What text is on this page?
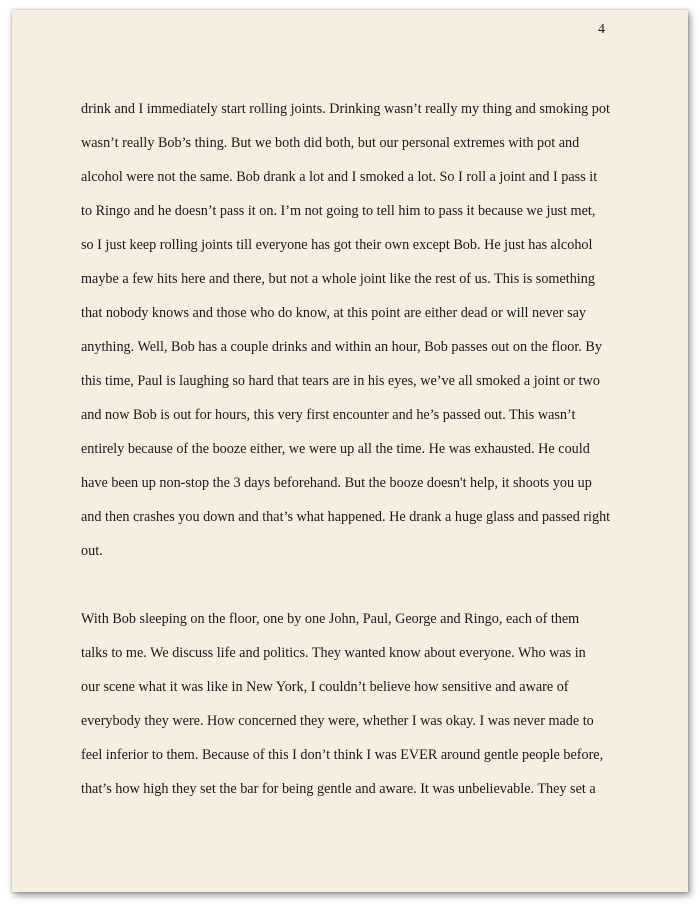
4
drink and I immediately start rolling joints. Drinking wasn’t really my thing and smoking pot
wasn’t really Bob’s thing. But we both did both, but our personal extremes with pot and
alcohol were not the same. Bob drank a lot and I smoked a lot. So I roll a joint and I pass it
to Ringo and he doesn’t pass it on. I’m not going to tell him to pass it because we just met,
so I just keep rolling joints till everyone has got their own except Bob. He just has alcohol
maybe a few hits here and there, but not a whole joint like the rest of us. This is something
that nobody knows and those who do know, at this point are either dead or will never say
anything. Well, Bob has a couple drinks and within an hour, Bob passes out on the floor. By
this time, Paul is laughing so hard that tears are in his eyes, we’ve all smoked a joint or two
and now Bob is out for hours, this very first encounter and he’s passed out. This wasn’t
entirely because of the booze either, we were up all the time. He was exhausted. He could
have been up non-stop the 3 days beforehand. But the booze doesn't help, it shoots you up
and then crashes you down and that’s what happened. He drank a huge glass and passed right
out.
With Bob sleeping on the floor, one by one John, Paul, George and Ringo, each of them
talks to me. We discuss life and politics. They wanted know about everyone. Who was in
our scene what it was like in New York, I couldn’t believe how sensitive and aware of
everybody they were. How concerned they were, whether I was okay. I was never made to
feel inferior to them. Because of this I don’t think I was EVER around gentle people before,
that’s how high they set the bar for being gentle and aware. It was unbelievable. They set a
